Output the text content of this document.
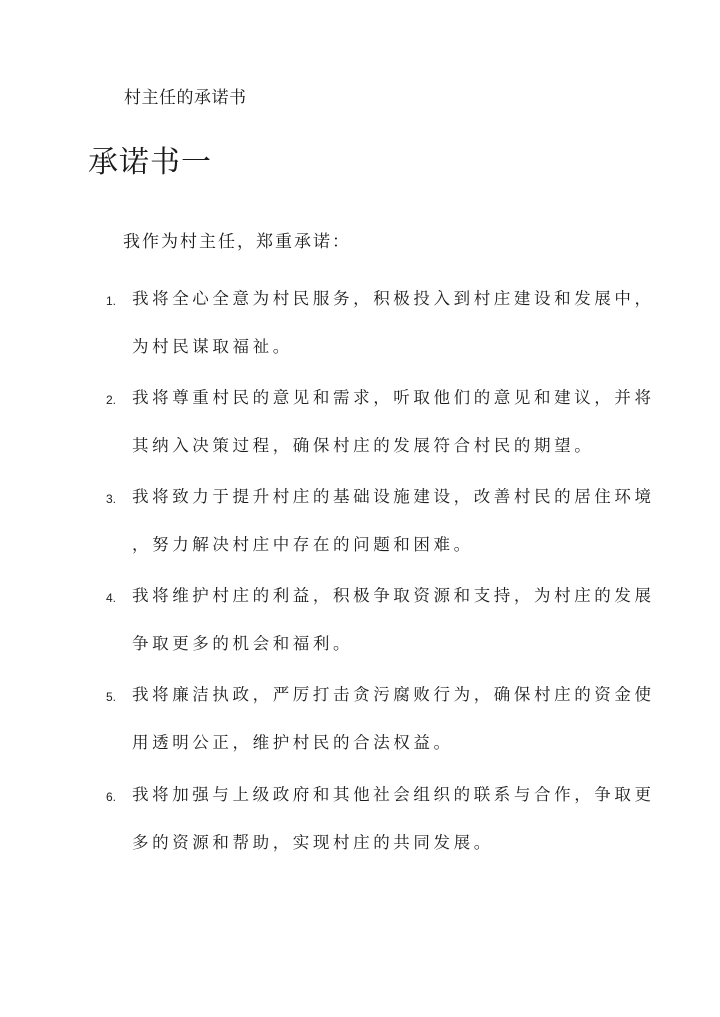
村主任的承诺书
承诺书一
我作为村主任，郑重承诺：
1. 我将全心全意为村民服务，积极投入到村庄建设和发展中，
为村民谋取福祉。
2. 我将尊重村民的意见和需求，听取他们的意见和建议，并将
其纳入决策过程，确保村庄的发展符合村民的期望。
3. 我将致力于提升村庄的基础设施建设，改善村民的居住环境
，努力解决村庄中存在的问题和困难。
4. 我将维护村庄的利益，积极争取资源和支持，为村庄的发展
争取更多的机会和福利。
5. 我将廉洁执政，严厉打击贪污腐败行为，确保村庄的资金使
用透明公正，维护村民的合法权益。
6. 我将加强与上级政府和其他社会组织的联系与合作，争取更
多的资源和帮助，实现村庄的共同发展。
